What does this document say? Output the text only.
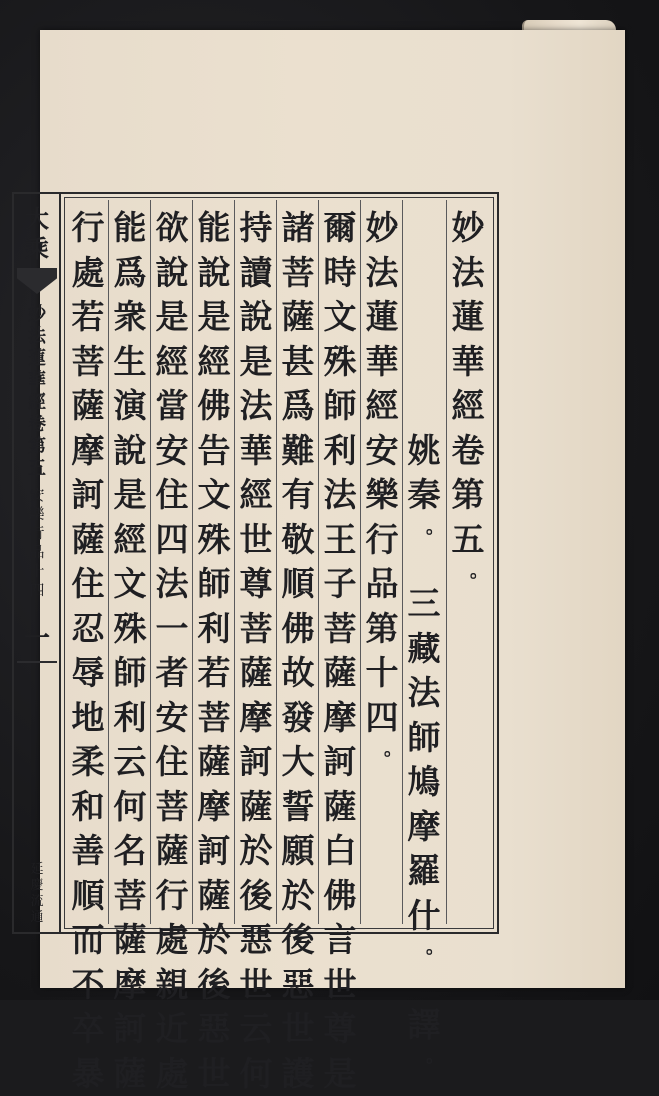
大
乘
妙
法
蓮
華
經
卷
第
五
安
樂
行
品
十
四
一
延
慶
流
通
妙
法
蓮
華
經
卷
第
五
。

姚
秦
。

三
藏
法
師
鳩
摩
羅
什
。

譯
。
妙
法
蓮
華
經
安
樂
行
品
第
十
四
。
爾
時
文
殊
師
利
法
王
子
菩
薩
摩
訶
薩
白
佛
言
世
尊
是
諸
菩
薩
甚
爲
難
有
敬
順
佛
故
發
大
誓
願
於
後
惡
世
護
持
讀
說
是
法
華
經
世
尊
菩
薩
摩
訶
薩
於
後
惡
世
云
何
能
說
是
經
佛
告
文
殊
師
利
若
菩
薩
摩
訶
薩
於
後
惡
世
欲
說
是
經
當
安
住
四
法
一
者
安
住
菩
薩
行
處
親
近
處
能
爲
衆
生
演
說
是
經
文
殊
師
利
云
何
名
菩
薩
摩
訶
薩
行
處
若
菩
薩
摩
訶
薩
住
忍
辱
地
柔
和
善
順
而
不
卒
暴
